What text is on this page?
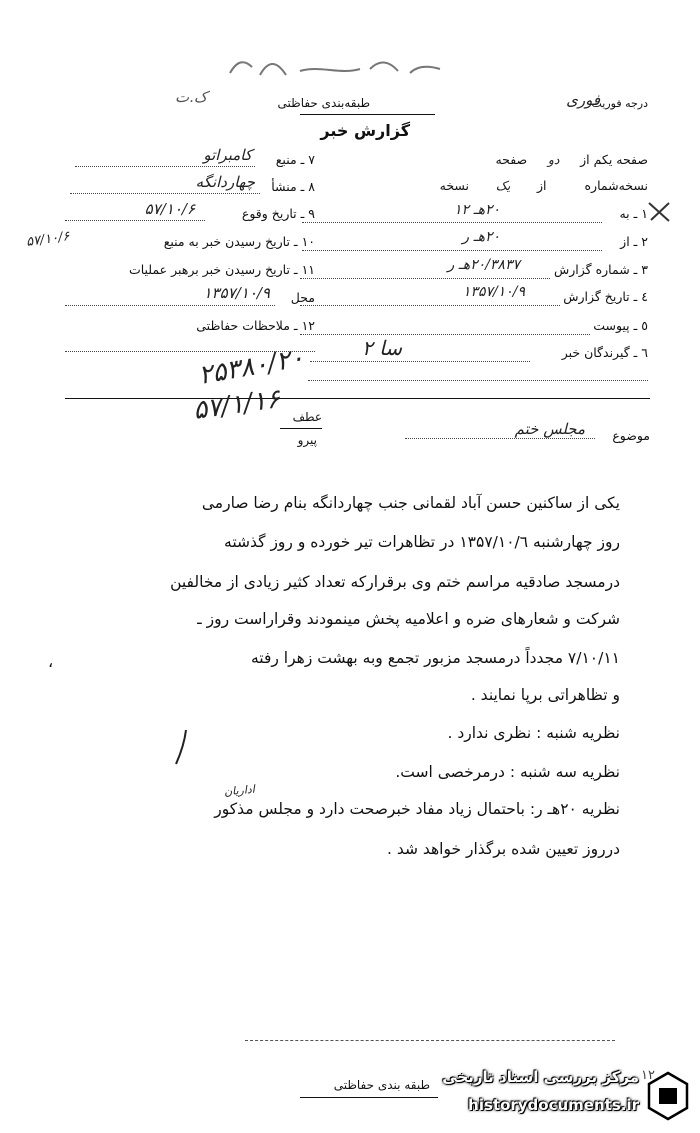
طبقه‌بندی حفاظتی
گزارش خبر
درجه فوریت
فوری
ک.ت
صفحه یکم از دو صفحه
نسخه‌شماره  از یک نسخه
۱ ـ به
۲۰هـ ۱۲
۲ ـ از
۲۰هـ ر
۳ ـ شماره گزارش
۲۰/۳۸۳۷هـ ر
٤ ـ تاریخ گزارش
۱۳۵۷/۱۰/۹
٥ ـ پیوست
٦ ـ گیرندگان خبر
۷ ـ منبع
کامبراتو
۸ ـ منشأ
چهاردانگه
۹ ـ تاریخ وقوع
۵۷/۱۰/۶
۱۰ ـ تاریخ رسیدن خبر به منبع
۵۷/۱۰/۶
۱۱ ـ تاریخ رسیدن خبر برهبر عملیات
محل
۱۳۵۷/۱۰/۹
۱۲ ـ ملاحظات حفاظتی
۲۵۳۸۰/۲۰	سا ۲
۵۷/۱/۱۶ عطف
پیرو	موضوع
مجلس ختم
یکی از ساکنین حسن آباد لقمانی جنب چهاردانگه بنام رضا صارمی
روز چهارشنبه ۱۳۵۷/۱۰/٦ در تظاهرات تیر خورده و روز گذشته
درمسجد صادقیه مراسم ختم وی برقرارکه تعداد کثیر زیادی از مخالفین
شرکت و شعارهای ضره و اعلامیه پخش مینمودند وقراراست روز ـ
۷/۱۰/۱۱ مجدداً درمسجد مزبور تجمع وبه بهشت زهرا رفته
و تظاهراتی برپا نمایند .
،
نظریه شنبه : نظری ندارد .
نظریه سه شنبه : درمرخصی است.
نظریه ۲۰هـ ر: باحتمال زیاد مفاد خبرصحت دارد و مجلس مذکور
درروز تعیین شده برگذار خواهد شد .
اداریان
طبقه بندی حفاظتی
۱۲
مرکز بررسی اسناد تاریخی
historydocuments.ir
